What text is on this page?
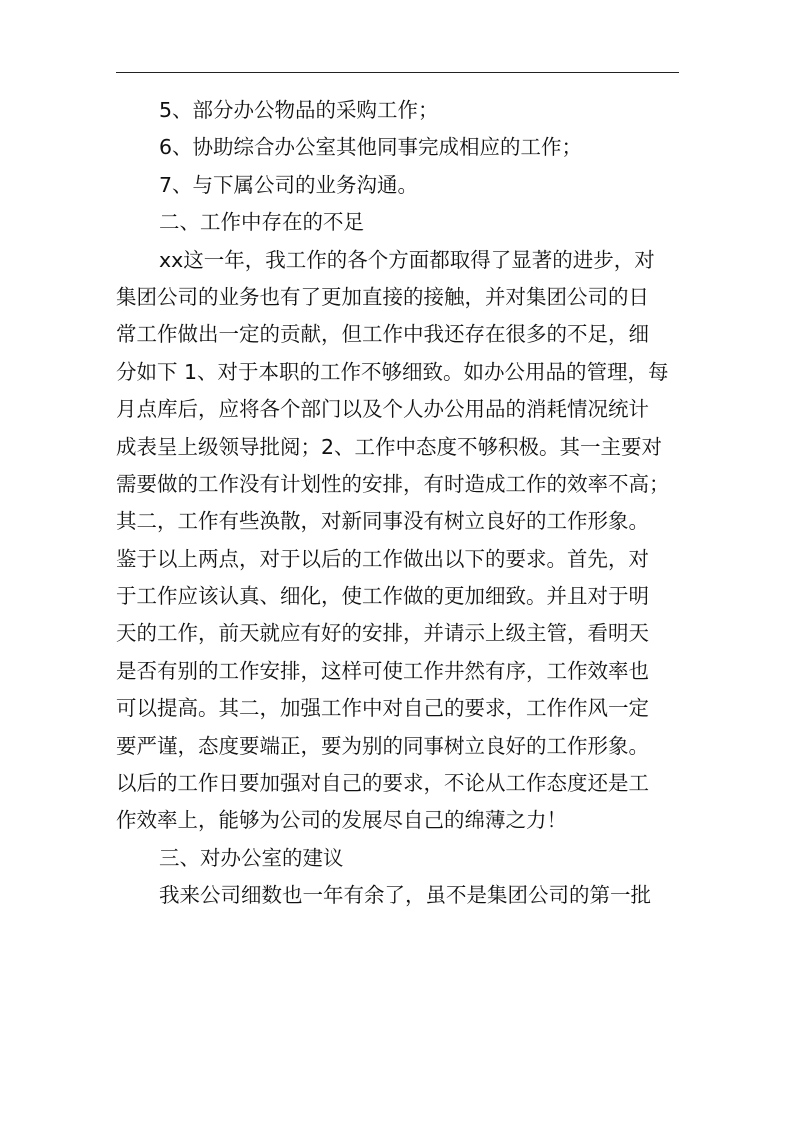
5、部分办公物品的采购工作；
6、协助综合办公室其他同事完成相应的工作；
7、与下属公司的业务沟通。
二、工作中存在的不足
xx这一年，我工作的各个方面都取得了显著的进步，对
集团公司的业务也有了更加直接的接触，并对集团公司的日
常工作做出一定的贡献，但工作中我还存在很多的不足，细
分如下 1、对于本职的工作不够细致。如办公用品的管理，每
月点库后，应将各个部门以及个人办公用品的消耗情况统计
成表呈上级领导批阅；2、工作中态度不够积极。其一主要对
需要做的工作没有计划性的安排，有时造成工作的效率不高；
其二，工作有些涣散，对新同事没有树立良好的工作形象。
鉴于以上两点，对于以后的工作做出以下的要求。首先，对
于工作应该认真、细化，使工作做的更加细致。并且对于明
天的工作，前天就应有好的安排，并请示上级主管，看明天
是否有别的工作安排，这样可使工作井然有序，工作效率也
可以提高。其二，加强工作中对自己的要求，工作作风一定
要严谨，态度要端正，要为别的同事树立良好的工作形象。
以后的工作日要加强对自己的要求，不论从工作态度还是工
作效率上，能够为公司的发展尽自己的绵薄之力！
三、对办公室的建议
我来公司细数也一年有余了，虽不是集团公司的第一批
